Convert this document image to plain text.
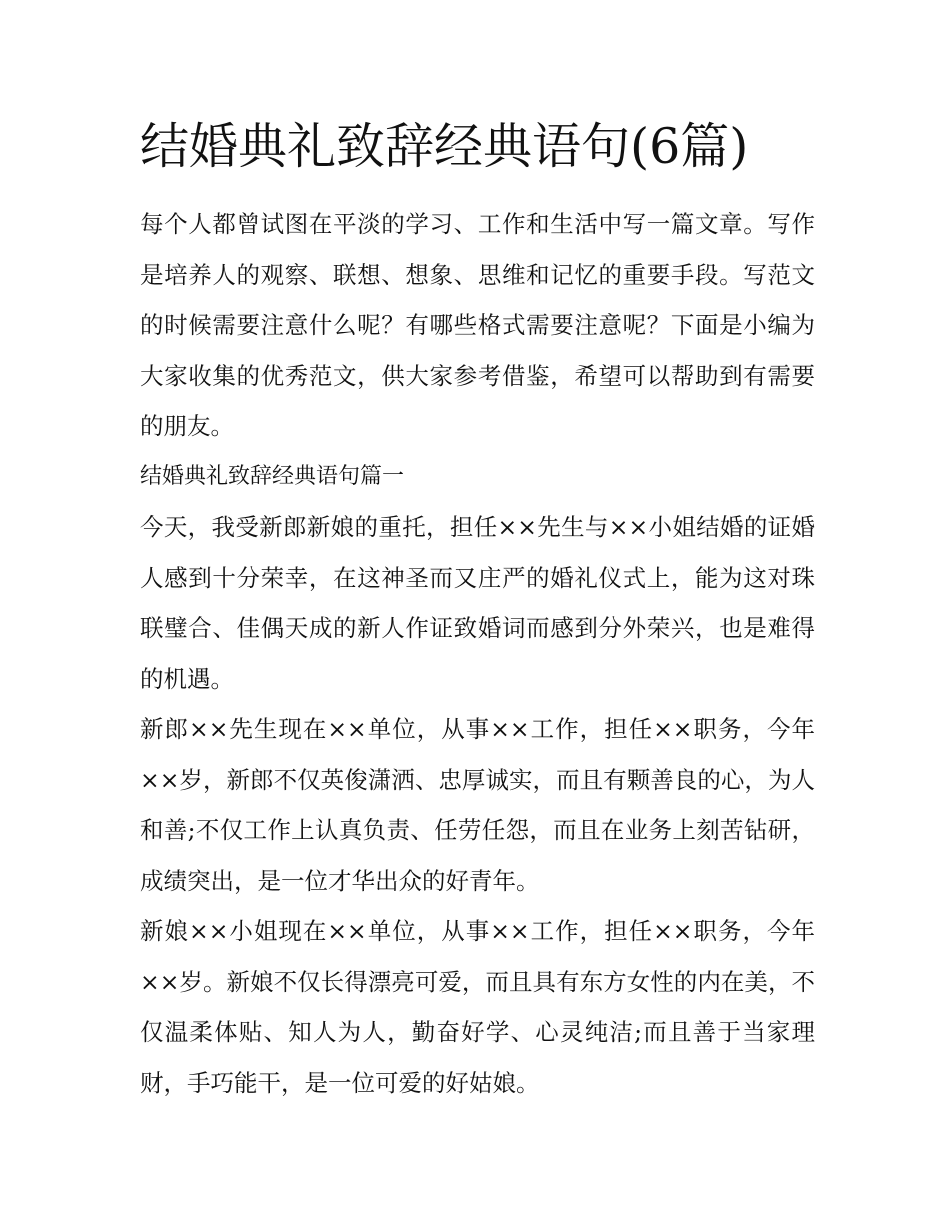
结婚典礼致辞经典语句(6篇)

每个人都曾试图在平淡的学习、工作和生活中写一篇文章。写作是培养人的观察、联想、想象、思维和记忆的重要手段。写范文的时候需要注意什么呢？有哪些格式需要注意呢？下面是小编为大家收集的优秀范文，供大家参考借鉴，希望可以帮助到有需要的朋友。

结婚典礼致辞经典语句篇一

今天，我受新郎新娘的重托，担任××先生与××小姐结婚的证婚人感到十分荣幸，在这神圣而又庄严的婚礼仪式上，能为这对珠联璧合、佳偶天成的新人作证致婚词而感到分外荣兴，也是难得的机遇。

新郎××先生现在××单位，从事××工作，担任××职务，今年××岁，新郎不仅英俊潇洒、忠厚诚实，而且有颗善良的心，为人和善;不仅工作上认真负责、任劳任怨，而且在业务上刻苦钻研，成绩突出，是一位才华出众的好青年。

新娘××小姐现在××单位，从事××工作，担任××职务，今年××岁。新娘不仅长得漂亮可爱，而且具有东方女性的内在美，不仅温柔体贴、知人为人，勤奋好学、心灵纯洁;而且善于当家理财，手巧能干，是一位可爱的好姑娘。
